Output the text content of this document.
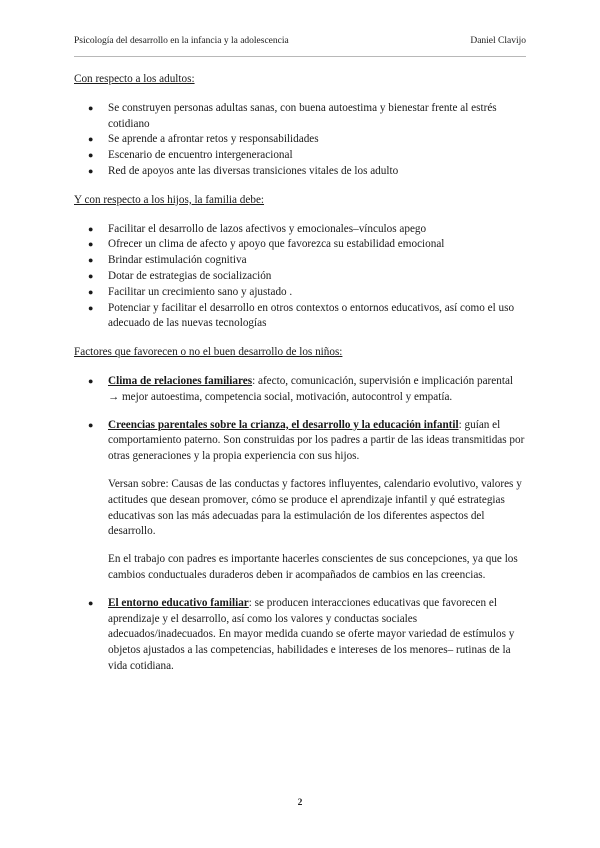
Psicología del desarrollo en la infancia y la adolescencia	Daniel Clavijo
Con respecto a los adultos:
● Se construyen personas adultas sanas, con buena autoestima y bienestar frente al estrés cotidiano
● Se aprende a afrontar retos y responsabilidades
● Escenario de encuentro intergeneracional
● Red de apoyos ante las diversas transiciones vitales de los adulto
Y con respecto a los hijos, la familia debe:
● Facilitar el desarrollo de lazos afectivos y emocionales–vínculos apego
● Ofrecer un clima de afecto y apoyo que favorezca su estabilidad emocional
● Brindar estimulación cognitiva
● Dotar de estrategias de socialización
● Facilitar un crecimiento sano y ajustado .
● Potenciar y facilitar el desarrollo en otros contextos o entornos educativos, así como el uso adecuado de las nuevas tecnologías
Factores que favorecen o no el buen desarrollo de los niños:
● Clima de relaciones familiares: afecto, comunicación, supervisión e implicación parental → mejor autoestima, competencia social, motivación, autocontrol y empatía.
● Creencias parentales sobre la crianza, el desarrollo y la educación infantil: guían el comportamiento paterno. Son construidas por los padres a partir de las ideas transmitidas por otras generaciones y la propia experiencia con sus hijos.
Versan sobre: Causas de las conductas y factores influyentes, calendario evolutivo, valores y actitudes que desean promover, cómo se produce el aprendizaje infantil y qué estrategias educativas son las más adecuadas para la estimulación de los diferentes aspectos del desarrollo.
En el trabajo con padres es importante hacerles conscientes de sus concepciones, ya que los cambios conductuales duraderos deben ir acompañados de cambios en las creencias.
● El entorno educativo familiar: se producen interacciones educativas que favorecen el aprendizaje y el desarrollo, así como los valores y conductas sociales adecuados/inadecuados. En mayor medida cuando se oferte mayor variedad de estímulos y objetos ajustados a las competencias, habilidades e intereses de los menores– rutinas de la vida cotidiana.
2
